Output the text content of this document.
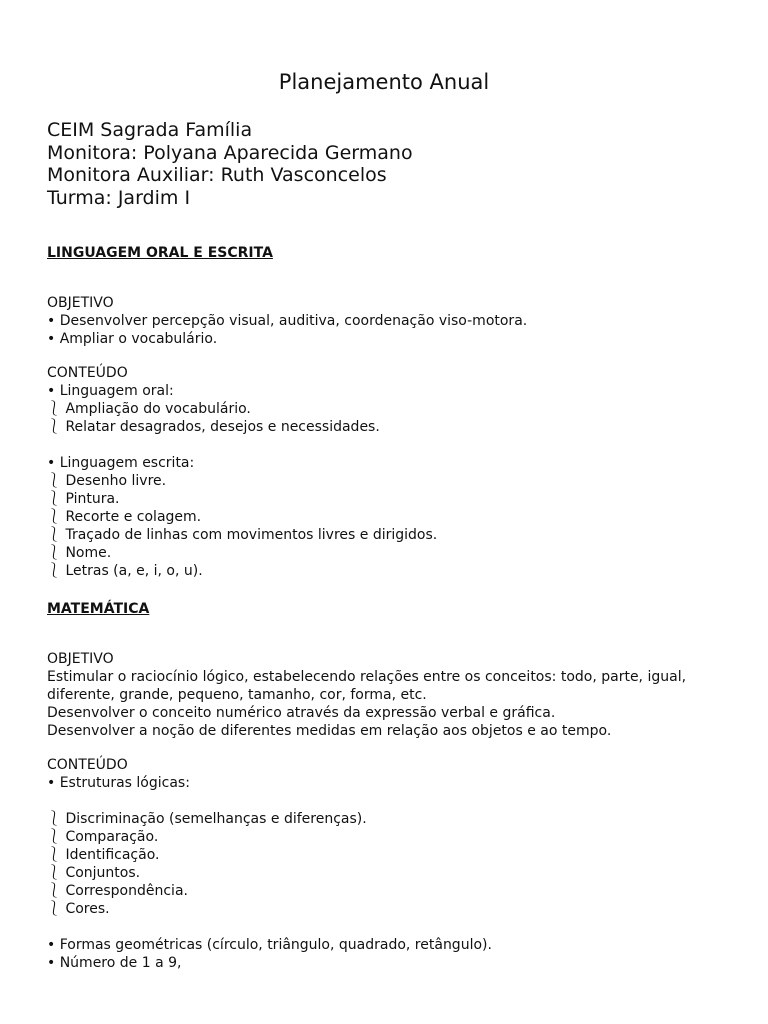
Planejamento Anual
CEIM Sagrada Família
Monitora: Polyana Aparecida Germano
Monitora Auxiliar: Ruth Vasconcelos
Turma: Jardim I
LINGUAGEM ORAL E ESCRITA
OBJETIVO
• Desenvolver percepção visual, auditiva, coordenação viso-motora.
• Ampliar o vocabulário.
CONTEÚDO
• Linguagem oral:
⎱ Ampliação do vocabulário.
⎱ Relatar desagrados, desejos e necessidades.
• Linguagem escrita:
⎱ Desenho livre.
⎱ Pintura.
⎱ Recorte e colagem.
⎱ Traçado de linhas com movimentos livres e dirigidos.
⎱ Nome.
⎱ Letras (a, e, i, o, u).
MATEMÁTICA
OBJETIVO
Estimular o raciocínio lógico, estabelecendo relações entre os conceitos: todo, parte, igual, diferente, grande, pequeno, tamanho, cor, forma, etc.
Desenvolver o conceito numérico através da expressão verbal e gráfica.
Desenvolver a noção de diferentes medidas em relação aos objetos e ao tempo.
CONTEÚDO
• Estruturas lógicas:
⎱ Discriminação (semelhanças e diferenças).
⎱ Comparação.
⎱ Identificação.
⎱ Conjuntos.
⎱ Correspondência.
⎱ Cores.
• Formas geométricas (círculo, triângulo, quadrado, retângulo).
• Número de 1 a 9,
